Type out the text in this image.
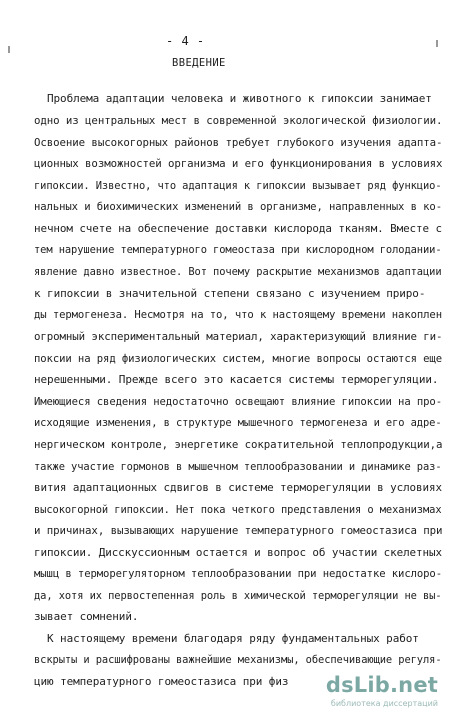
- 4 -
ВВЕДЕНИЕ
Проблема адаптации человека и животного к гипоксии занимает
одно из центральных мест в современной экологической физиологии.
Освоение высокогорных районов требует глубокого изучения адапта-
ционных возможностей организма и его функционирования в условиях
гипоксии. Известно, что адаптация к гипоксии вызывает ряд функцио-
нальных и биохимических изменений в организме, направленных в ко-
нечном счете на обеспечение доставки кислорода тканям. Вместе с
тем нарушение температурного гомеостаза при кислородном голодании-
явление давно известное. Вот почему раскрытие механизмов адаптации
к гипоксии в значительной степени связано с изучением приро-
ды термогенеза. Несмотря на то, что к настоящему времени накоплен
огромный экспериментальный материал, характеризующий влияние ги-
поксии на ряд физиологических систем, многие вопросы остаются еще
нерешенными. Прежде всего это касается системы терморегуляции.
Имеющиеся сведения недостаточно освещают влияние гипоксии на про-
исходящие изменения, в структуре мышечного термогенеза и его адре-
нергическом контроле, энергетике сократительной теплопродукции,а
также участие гормонов в мышечном теплообразовании и динамике раз-
вития адаптационных сдвигов в системе терморегуляции в условиях
высокогорной гипоксии. Нет пока четкого представления о механизмах
и причинах, вызывающих нарушение температурного гомеостазиса при
гипоксии. Дисскуссионным остается и вопрос об участии скелетных
мышц в терморегуляторном теплообразовании при недостатке кислоро-
да, хотя их первостепенная роль в химической терморегуляции не вы-
зывает сомнений.
К настоящему времени благодаря ряду фундаментальных работ
вскрыты и расшифрованы важнейшие механизмы, обеспечивающие регуля-
цию температурного гомеостазиса при физ dsLib.net
библиотека диссертаций
